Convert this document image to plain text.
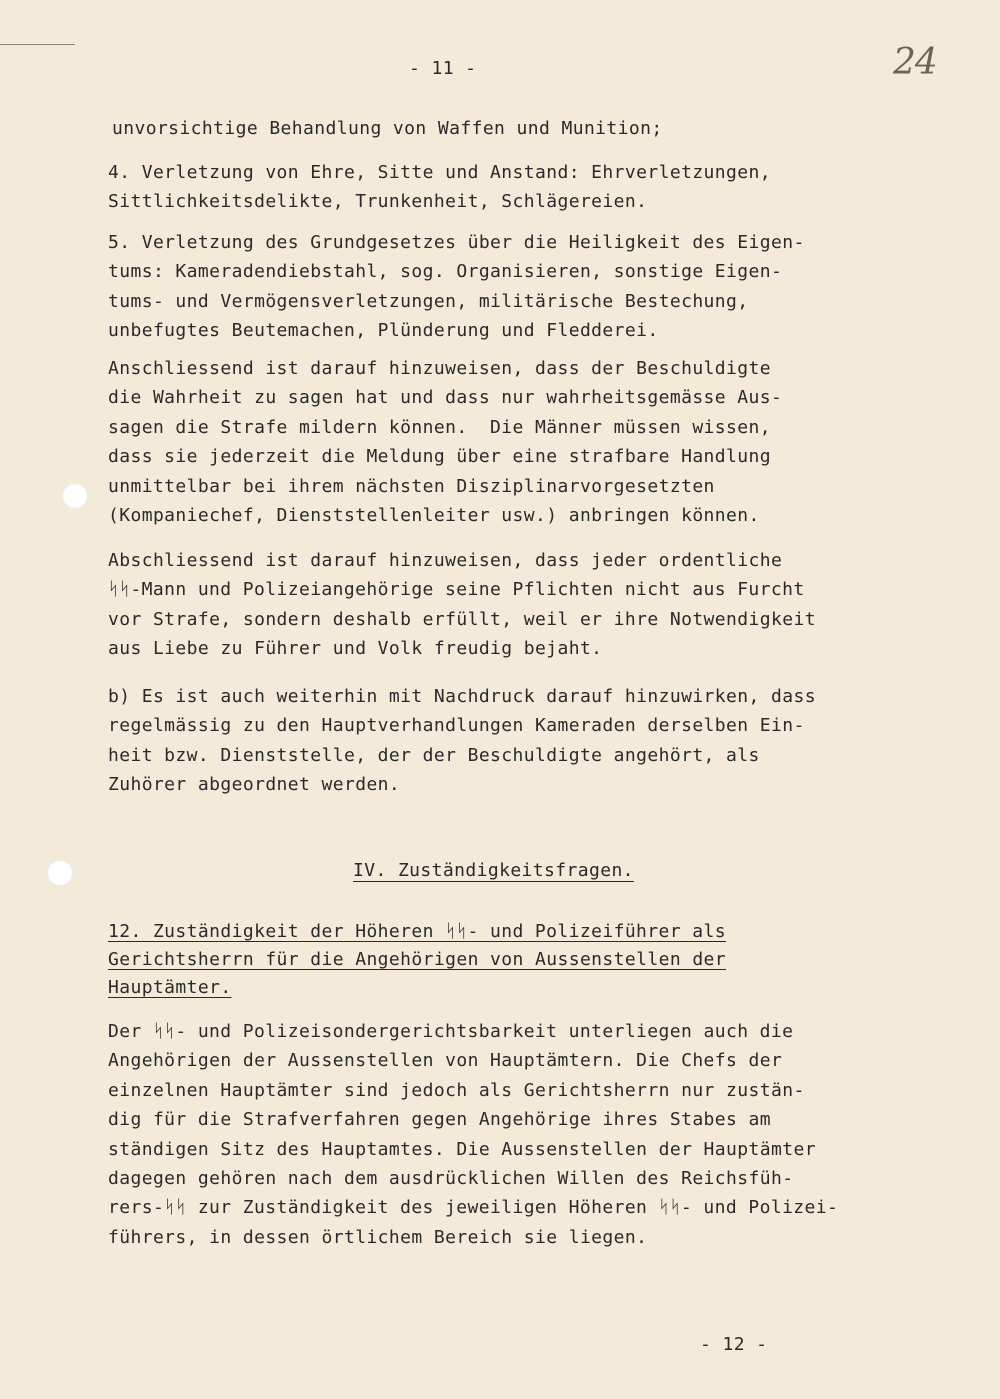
- 11 -	24
unvorsichtige Behandlung von Waffen und Munition;
4. Verletzung von Ehre, Sitte und Anstand: Ehrverletzungen,
Sittlichkeitsdelikte, Trunkenheit, Schlägereien.
5. Verletzung des Grundgesetzes über die Heiligkeit des Eigen-
tums: Kameradendiebstahl, sog. Organisieren, sonstige Eigen-
tums- und Vermögensverletzungen, militärische Bestechung,
unbefugtes Beutemachen, Plünderung und Fledderei.
Anschliessend ist darauf hinzuweisen, dass der Beschuldigte
die Wahrheit zu sagen hat und dass nur wahrheitsgemässe Aus-
sagen die Strafe mildern können.  Die Männer müssen wissen,
dass sie jederzeit die Meldung über eine strafbare Handlung
unmittelbar bei ihrem nächsten Disziplinarvorgesetzten
(Kompaniechef, Dienststellenleiter usw.) anbringen können.
Abschliessend ist darauf hinzuweisen, dass jeder ordentliche
ᛋᛋ-Mann und Polizeiangehörige seine Pflichten nicht aus Furcht
vor Strafe, sondern deshalb erfüllt, weil er ihre Notwendigkeit
aus Liebe zu Führer und Volk freudig bejaht.
b) Es ist auch weiterhin mit Nachdruck darauf hinzuwirken, dass
regelmässig zu den Hauptverhandlungen Kameraden derselben Ein-
heit bzw. Dienststelle, der der Beschuldigte angehört, als
Zuhörer abgeordnet werden.
IV. Zuständigkeitsfragen.
12. Zuständigkeit der Höheren ᛋᛋ- und Polizeiführer als
Gerichtsherrn für die Angehörigen von Aussenstellen der
Hauptämter.
Der ᛋᛋ- und Polizeisondergerichtsbarkeit unterliegen auch die
Angehörigen der Aussenstellen von Hauptämtern. Die Chefs der
einzelnen Hauptämter sind jedoch als Gerichtsherrn nur zustän-
dig für die Strafverfahren gegen Angehörige ihres Stabes am
ständigen Sitz des Hauptamtes. Die Aussenstellen der Hauptämter
dagegen gehören nach dem ausdrücklichen Willen des Reichsfüh-
rers-ᛋᛋ zur Zuständigkeit des jeweiligen Höheren ᛋᛋ- und Polizei-
führers, in dessen örtlichem Bereich sie liegen.
- 12 -
